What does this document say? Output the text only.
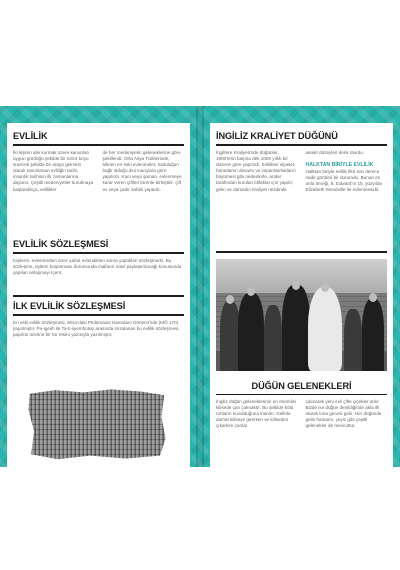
EVLİLİK

İki kişinin aile kurmak üzere kanunları uygun gördüğü şekilde bir ömür boyu sürecek şekilde bir araya gelmesi olarak tanımlanan evliliğin tarihi, insanlık tarihinin ilk zamanlarına dayanır. Çeşitli medeniyetler kurulmaya başlandıkça, evlilikler

de her medeniyetin geleneklerine göre şekillendi. Orta Asya Türklerinde, bilinen en eski evlenmeler, topluluğun bağlı olduğu dini inançlara göre yapılırdı. Kam veya şaman, evlenmeye karar veren çiftleri törenle birleştirir, çift ev veya çadır sahibi yapardı.

EVLİLİK SÖZLEŞMESİ

Kişilerin, evlenmeden önce yahut evlendikten sonra yaptıkları sözleşmedir. Bu sözleşme, eşlerin boşanması durumunda malların nasıl paylaştırılacağı konusunda yapılan anlaşmayı içerir.

İLK EVLİLİK SÖZLEŞMESİ

En eski evlilik sözleşmesi, Mısır'daki Ptolemaios Hanedanı Dönemi'nde (MÖ 170) yapılmıştır. Pa-igesh ile Ta-ti-iiyemhotep arasında imzalanan bu evlilik sözleşmesi, papirüs üzerine bir tür resim yazısıyla yazılmıştır.

İNGİLİZ KRALİYET DÜĞÜNÜ

İngiltere Kraliyeti'nde düğünler, 1900'lerin başına dek 1000 yıllık bir düzene göre yapılırdı. Evlilikler siyaset, hanedanın devamı ve imparatorlukların büyümesi gibi nedenlerle, aralar tarafından kurulan ittifaklar için yapılır; gelin ve damadın kraliyet nezdinde

asalet düzeyleri denk olurdu.

HALKTAN BİRİYLE EVLİLİK

Halktan biriyle evlilik fikri son derece nadir görülen bir durumdu. Bunun en ünlü örneği, 8. Edward'ın 15. yüzyılda Elizabeth Woodville ile evlenmesidir.

DÜĞÜN GELENEKLERİ

İngiliz düğün geleneklerinin en önemlisi kilisede çan çalmaktır. Bu şekilde kötü ruhların kovulduğuna inanılır. Gelinle damat kiliseye girerken ve kiliseden çıkarken çanlar

çalınarak yeni evli çifte çiçekler atılır. Bizde ise düğün denildiğinde akla ilk olarak kına gecesi gelir. Her düğünde, gelin hamamı, çeyiz gibi çeşitli gelenekler de mevcuttur.
